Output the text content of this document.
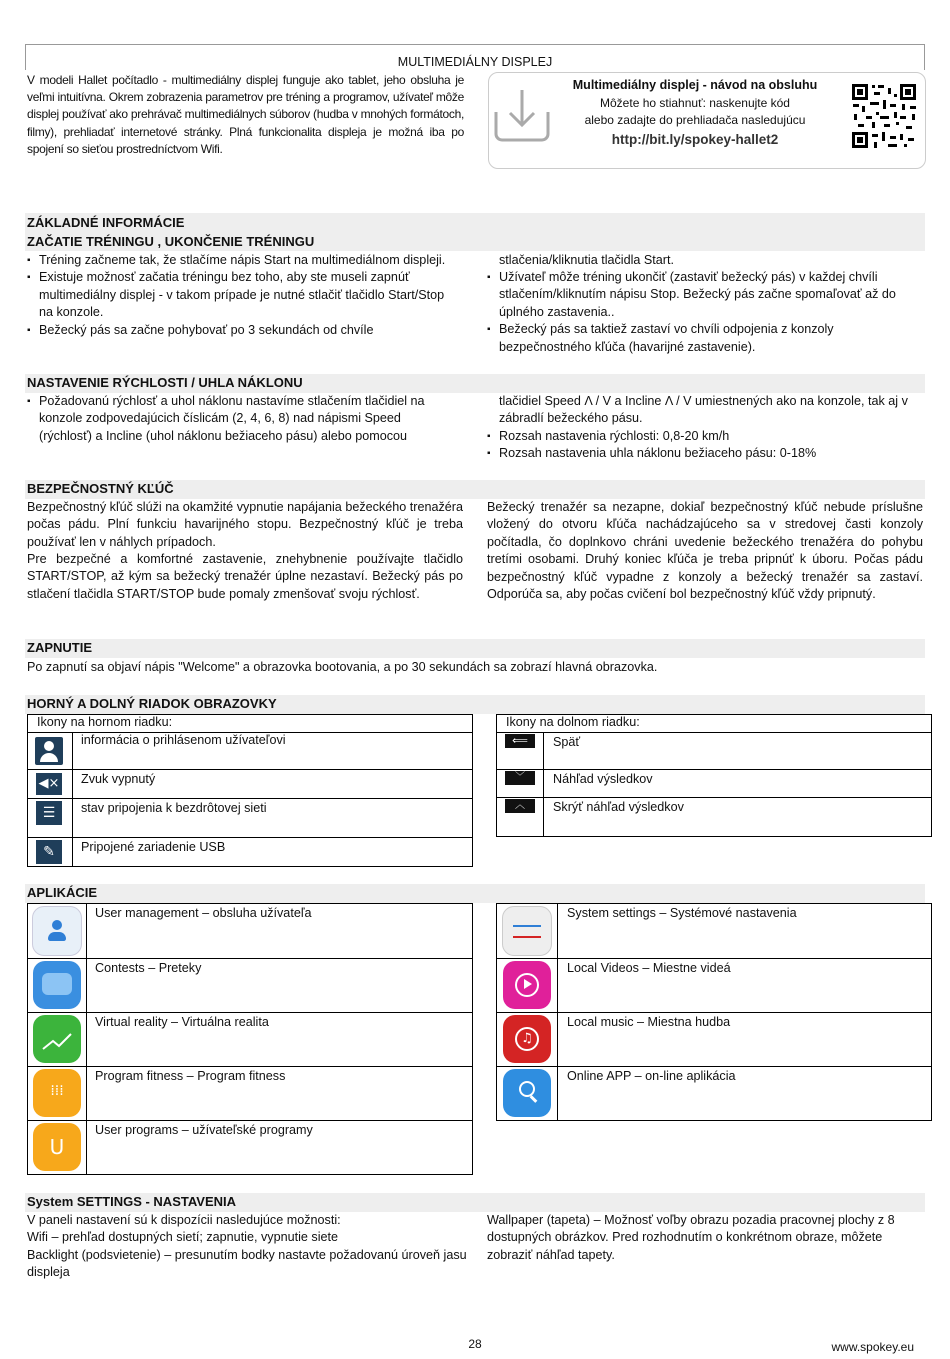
MULTIMEDIÁLNY DISPLEJ
V modeli Hallet počítadlo - multimediálny displej funguje ako tablet, jeho obsluha je veľmi intuitívna. Okrem zobrazenia parametrov pre tréning a programov, užívateľ môže displej používať ako prehrávač multimediálnych súborov (hudba v mnohých formátoch, filmy), prehliadať internetové stránky. Plná funkcionalita displeja je možná iba po spojení so sieťou prostredníctvom Wifi.
Multimediálny displej - návod na obsluhu
Môžete ho stiahnuť: naskenujte kód
alebo zadajte do prehliadača nasledujúcu
http://bit.ly/spokey-hallet2
ZÁKLADNÉ INFORMÁCIE
ZAČATIE TRÉNINGU , UKONČENIE TRÉNINGU
▪ Tréning začneme tak, že stlačíme nápis Start na multimediálnom displeji.
▪ Existuje možnosť začatia tréningu bez toho, aby ste museli zapnúť multimediálny displej - v takom prípade je nutné stlačiť tlačidlo Start/Stop na konzole.
▪ Bežecký pás sa začne pohybovať po 3 sekundách od chvíle
stlačenia/kliknutia tlačidla Start.
▪ Užívateľ môže tréning ukončiť (zastaviť bežecký pás) v každej chvíli stlačením/kliknutím nápisu Stop. Bežecký pás začne spomaľovať až do úplného zastavenia..
▪ Bežecký pás sa taktiež zastaví vo chvíli odpojenia z konzoly bezpečnostného kľúča (havarijné zastavenie).
NASTAVENIE RÝCHLOSTI / UHLA NÁKLONU
▪ Požadovanú rýchlosť a uhol náklonu nastavíme stlačením tlačidiel na konzole zodpovedajúcich číslicám (2, 4, 6, 8) nad nápismi Speed (rýchlosť) a Incline (uhol náklonu bežiaceho pásu) alebo pomocou
tlačidiel Speed Λ / V a Incline Λ / V umiestnených ako na konzole, tak aj v zábradlí bežeckého pásu.
▪ Rozsah nastavenia rýchlosti: 0,8-20 km/h
▪ Rozsah nastavenia uhla náklonu bežiaceho pásu: 0-18%
BEZPEČNOSTNÝ KĽÚČ
Bezpečnostný kľúč slúži na okamžité vypnutie napájania bežeckého trenažéra počas pádu. Plní funkciu havarijného stopu. Bezpečnostný kľúč je treba používať len v náhlych prípadoch.
Pre bezpečné a komfortné zastavenie, znehybnenie používajte tlačidlo START/STOP, až kým sa bežecký trenažér úplne nezastaví. Bežecký pás po stlačení tlačidla START/STOP bude pomaly zmenšovať svoju rýchlosť.
Bežecký trenažér sa nezapne, dokiaľ bezpečnostný kľúč nebude príslušne vložený do otvoru kľúča nachádzajúceho sa v stredovej časti konzoly počítadla, čo doplnkovo chráni uvedenie bežeckého trenažéra do pohybu tretími osobami. Druhý koniec kľúča je treba pripnúť k úboru. Počas pádu bezpečnostný kľúč vypadne z konzoly a bežecký trenažér sa zastaví. Odporúča sa, aby počas cvičení bol bezpečnostný kľúč vždy pripnutý.
ZAPNUTIE
Po zapnutí sa objaví nápis "Welcome" a obrazovka bootovania, a po 30 sekundách sa zobrazí hlavná obrazovka.
HORNÝ A DOLNÝ RIADOK OBRAZOVKY
Ikony na hornom riadku:	

	informácia o prihlásenom užívateľovi

◀×	Zvuk vypnutý

☰	stav pripojenia k bezdrôtovej sieti

✎	Pripojené zariadenie USB
Ikony na dolnom riadku:	

⟸	Späť

﹀	Náhľad výsledkov

︿	Skrýť náhľad výsledkov
APLIKÁCIE
	User management – obsluha užívateľa

	Contests – Preteky

	Virtual reality – Virtuálna realita

⁞⁞⁞	Program fitness – Program fitness

U	User programs – užívateľské programy
	System settings – Systémové nastavenia

	Local Videos – Miestne videá

♫	Local music – Miestna hudba

	Online APP – on-line aplikácia
System SETTINGS - NASTAVENIA
V paneli nastavení sú k dispozícii nasledujúce možnosti:
Wifi – prehľad dostupných sietí; zapnutie, vypnutie siete
Backlight (podsvietenie) – presunutím bodky nastavte požadovanú úroveň jasu displeja
Wallpaper (tapeta) – Možnosť voľby obrazu pozadia pracovnej plochy z 8 dostupných obrázkov. Pred rozhodnutím o konkrétnom obraze, môžete zobraziť náhľad tapety.
28	www.spokey.eu
